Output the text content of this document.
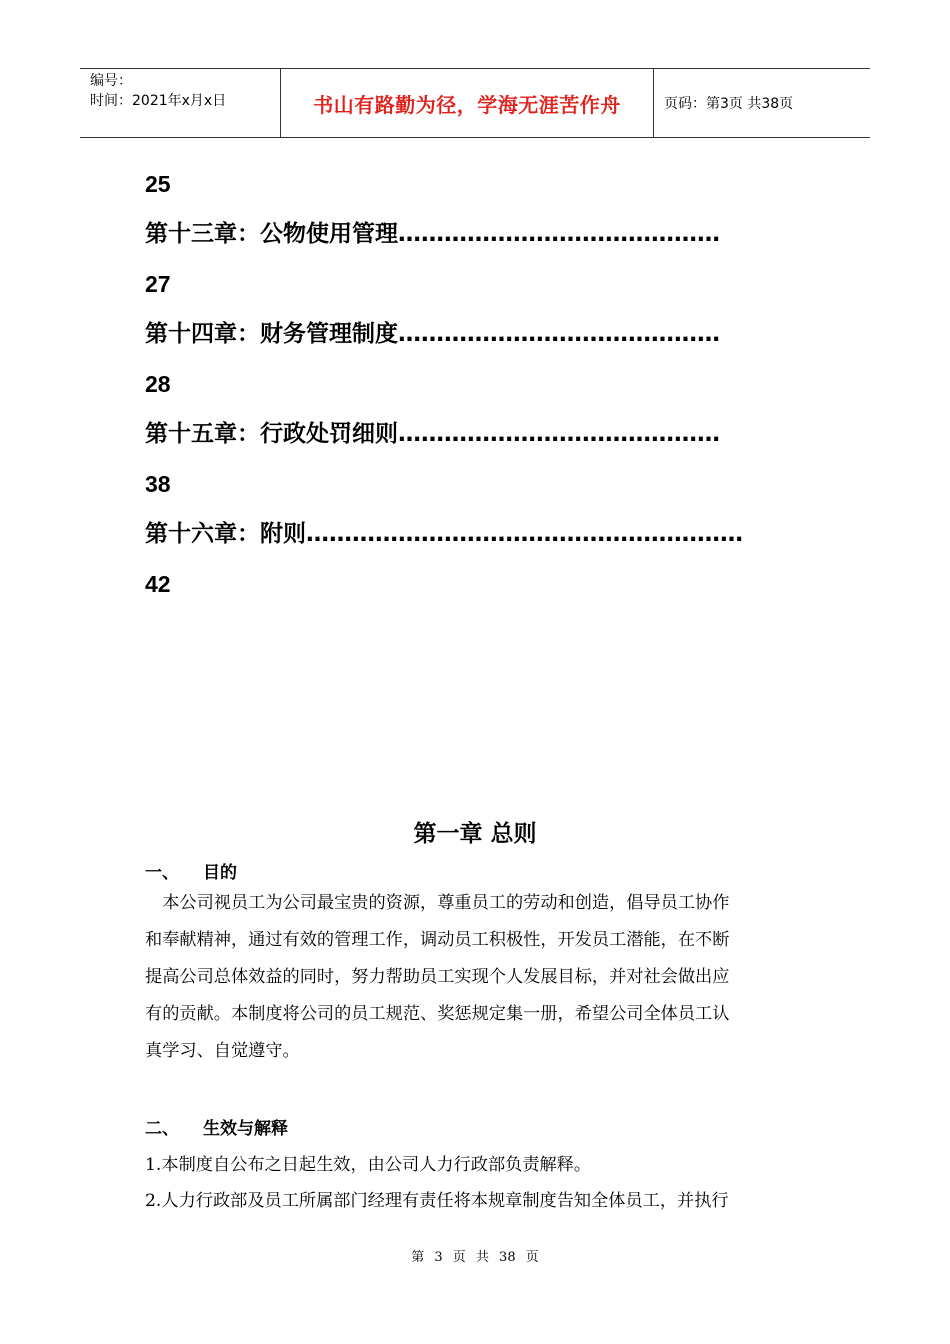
编号：
时间：2021年x月x日	书山有路勤为径，学海无涯苦作舟	页码：第3页 共38页
25
第十三章：公物使用管理……………………………………
27
第十四章：财务管理制度……………………………………
28
第十五章：行政处罚细则……………………………………
38
第十六章：附则…………………………………………………
42
第一章 总则
一、 目的
　本公司视员工为公司最宝贵的资源，尊重员工的劳动和创造，倡导员工协作
和奉献精神，通过有效的管理工作，调动员工积极性，开发员工潜能，在不断
提高公司总体效益的同时，努力帮助员工实现个人发展目标，并对社会做出应
有的贡献。本制度将公司的员工规范、奖惩规定集一册，希望公司全体员工认
真学习、自觉遵守。
二、 生效与解释
1.本制度自公布之日起生效，由公司人力行政部负责解释。
2.人力行政部及员工所属部门经理有责任将本规章制度告知全体员工，并执行
第 3 页 共 38 页
